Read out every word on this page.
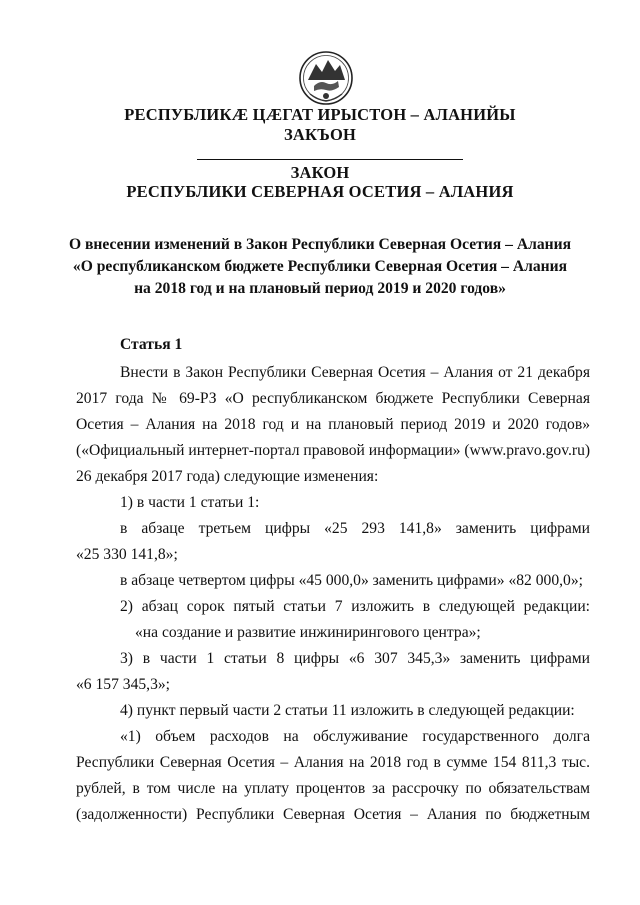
РЕСПУБЛИКÆ ЦÆГАТ ИРЫСТОН – АЛАНИЙЫ
ЗАКЪОН
ЗАКОН
РЕСПУБЛИКИ СЕВЕРНАЯ ОСЕТИЯ – АЛАНИЯ
О внесении изменений в Закон Республики Северная Осетия – Алания
«О республиканском бюджете Республики Северная Осетия – Алания
на 2018 год и на плановый период 2019 и 2020 годов»
Статья 1
Внести в Закон Республики Северная Осетия – Алания от 21 декабря
2017 года № 69-РЗ «О республиканском бюджете Республики Северная
Осетия – Алания на 2018 год и на плановый период 2019 и 2020 годов»
(«Официальный интернет-портал правовой информации» (www.pravo.gov.ru)
26 декабря 2017 года) следующие изменения:
1) в части 1 статьи 1:
в абзаце третьем цифры «25 293 141,8» заменить цифрами
«25 330 141,8»;
в абзаце четвертом цифры «45 000,0» заменить цифрами» «82 000,0»;
2) абзац сорок пятый статьи 7 изложить в следующей редакции:
«на создание и развитие инжинирингового центра»;
3) в части 1 статьи 8 цифры «6 307 345,3» заменить цифрами
«6 157 345,3»;
4) пункт первый части 2 статьи 11 изложить в следующей редакции:
«1) объем расходов на обслуживание государственного долга
Республики Северная Осетия – Алания на 2018 год в сумме 154 811,3 тыс.
рублей, в том числе на уплату процентов за рассрочку по обязательствам
(задолженности) Республики Северная Осетия – Алания по бюджетным
